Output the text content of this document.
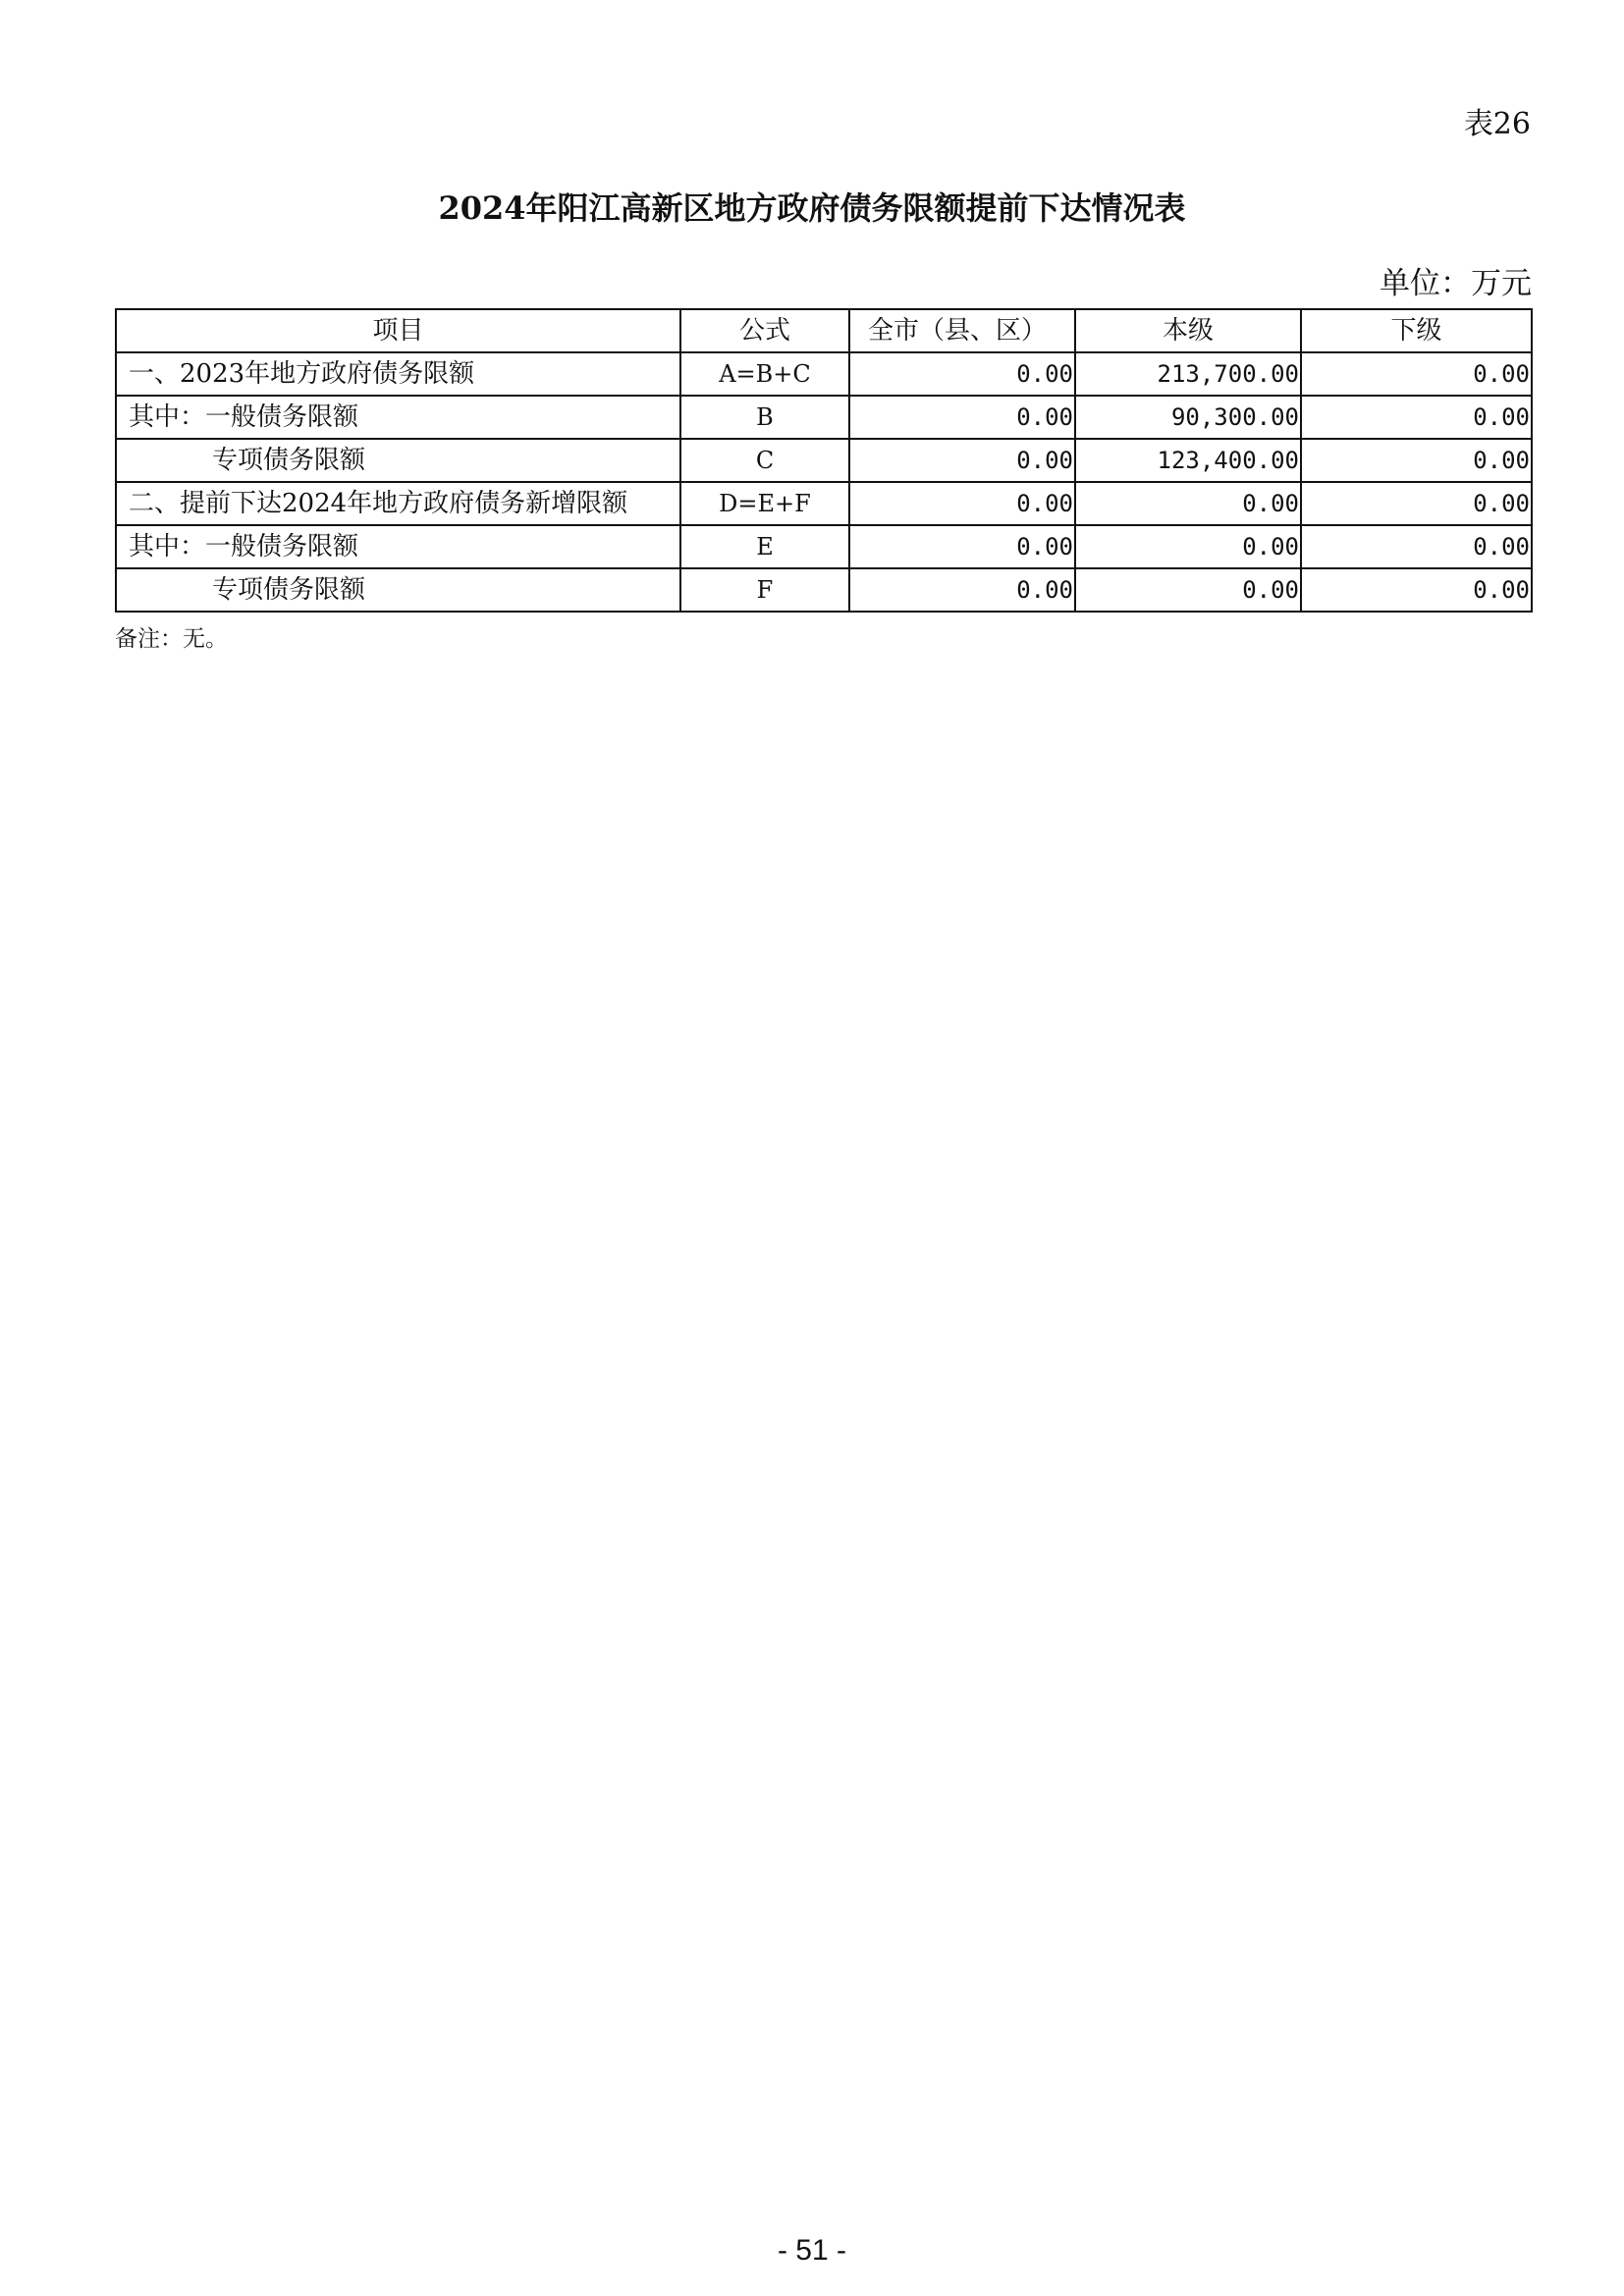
表26
2024年阳江高新区地方政府债务限额提前下达情况表
单位：万元
项目	公式	全市（县、区）	本级	下级
一、2023年地方政府债务限额	A=B+C	0.00	213,700.00	0.00
其中：一般债务限额	B	0.00	90,300.00	0.00
专项债务限额	C	0.00	123,400.00	0.00
二、提前下达2024年地方政府债务新增限额	D=E+F	0.00	0.00	0.00
其中：一般债务限额	E	0.00	0.00	0.00
专项债务限额	F	0.00	0.00	0.00
备注：无。
- 51 -
